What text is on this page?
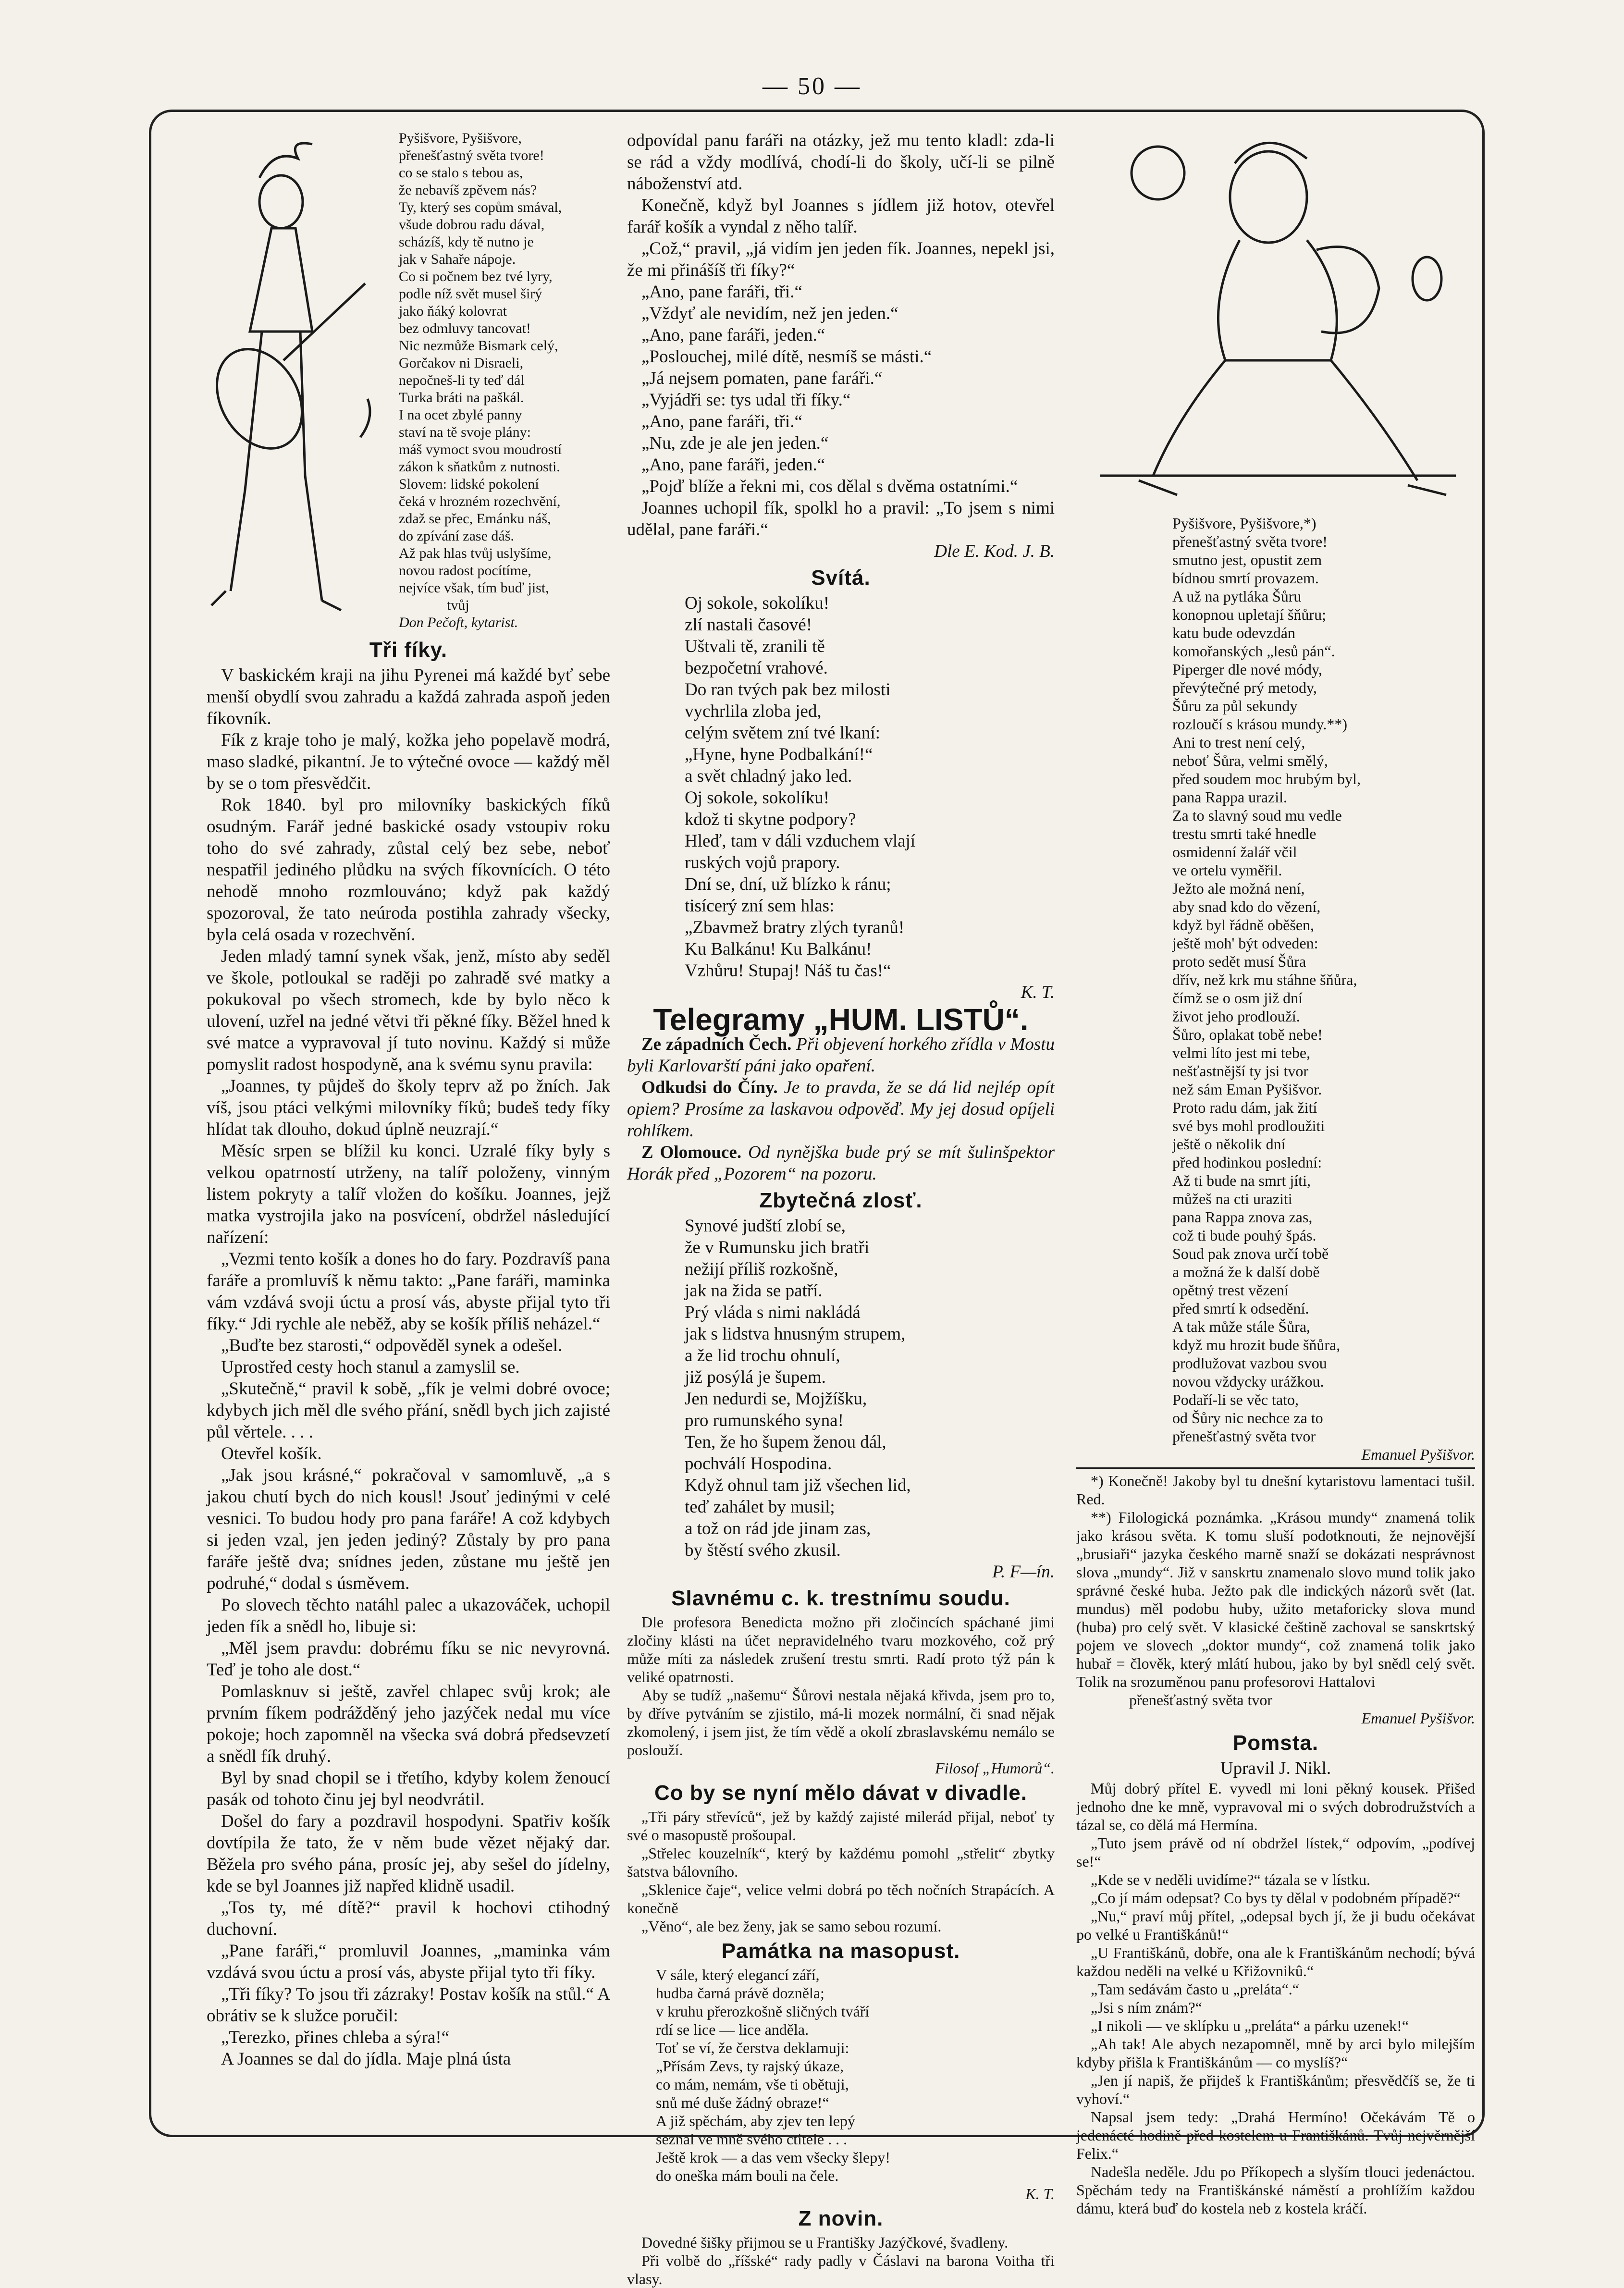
— 50 —

Pyšišvore, Pyšišvore,

přenešťastný světa tvore!

co se stalo s tebou as,

že nebavíš zpěvem nás?

Ty, který ses copům smával,

všude dobrou radu dával,

scházíš, kdy tě nutno je

jak v Sahaře nápoje.

Co si počnem bez tvé lyry,

podle níž svět musel širý

jako ňáký kolovrat

bez odmluvy tancovat!

Nic nezmůže Bismark celý,

Gorčakov ni Disraeli,

nepočneš-li ty teď dál

Turka bráti na paškál.

I na ocet zbylé panny

staví na tě svoje plány:

máš vymoct svou moudrostí

zákon k sňatkům z nutnosti.

Slovem: lidské pokolení

čeká v hrozném rozechvění,

zdaž se přec, Emánku náš,

do zpívání zase dáš.

Až pak hlas tvůj uslyšíme,

novou radost pocítíme,

nejvíce však, tím buď jist,

tvůj

Don Pečoft, kytarist.

Tři fíky.

V baskickém kraji na jihu Pyrenei má každé byť sebe menší obydlí svou zahradu a každá zahrada aspoň jeden fíkovník.

Fík z kraje toho je malý, kožka jeho popelavě modrá, maso sladké, pikantní. Je to výtečné ovoce — každý měl by se o tom přesvědčit.

Rok 1840. byl pro milovníky baskických fíků osudným. Farář jedné baskické osady vstoupiv roku toho do své zahrady, zůstal celý bez sebe, neboť nespatřil jediného plůdku na svých fíkovnících. O této nehodě mnoho rozmlouváno; když pak každý spozoroval, že tato neúroda postihla zahrady všecky, byla celá osada v rozechvění.

Jeden mladý tamní synek však, jenž, místo aby seděl ve škole, potloukal se raději po zahradě své matky a pokukoval po všech stromech, kde by bylo něco k ulovení, uzřel na jedné větvi tři pěkné fíky. Běžel hned k své matce a vypravoval jí tuto novinu. Každý si může pomyslit radost hospodyně, ana k svému synu pravila:

„Joannes, ty půjdeš do školy teprv až po žních. Jak víš, jsou ptáci velkými milovníky fíků; budeš tedy fíky hlídat tak dlouho, dokud úplně neuzrají.“

Měsíc srpen se blížil ku konci. Uzralé fíky byly s velkou opatrností utrženy, na talíř položeny, vinným listem pokryty a talíř vložen do košíku. Joannes, jejž matka vystrojila jako na posvícení, obdržel následující nařízení:

„Vezmi tento košík a dones ho do fary. Pozdravíš pana faráře a promluvíš k němu takto: „Pane faráři, maminka vám vzdává svoji úctu a prosí vás, abyste přijal tyto tři fíky.“ Jdi rychle ale neběž, aby se košík příliš neházel.“

„Buďte bez starosti,“ odpověděl synek a odešel.

Uprostřed cesty hoch stanul a zamyslil se.

„Skutečně,“ pravil k sobě, „fík je velmi dobré ovoce; kdybych jich měl dle svého přání, snědl bych jich zajisté půl věrtele. . . .

Otevřel košík.

„Jak jsou krásné,“ pokračoval v samomluvě, „a s jakou chutí bych do nich kousl! Jsouť jedinými v celé vesnici. To budou hody pro pana faráře! A což kdybych si jeden vzal, jen jeden jediný? Zůstaly by pro pana faráře ještě dva; snídnes jeden, zůstane mu ještě jen podruhé,“ dodal s úsměvem.

Po slovech těchto natáhl palec a ukazováček, uchopil jeden fík a snědl ho, libuje si:

„Měl jsem pravdu: dobrému fíku se nic nevyrovná. Teď je toho ale dost.“

Pomlasknuv si ještě, zavřel chlapec svůj krok; ale prvním fíkem podrážděný jeho jazýček nedal mu více pokoje; hoch zapomněl na všecka svá dobrá předsevzetí a snědl fík druhý.

Byl by snad chopil se i třetího, kdyby kolem ženoucí pasák od tohoto činu jej byl neodvrátil.

Došel do fary a pozdravil hospodyni. Spatřiv košík dovtípila že tato, že v něm bude vězet nějaký dar. Běžela pro svého pána, prosíc jej, aby sešel do jídelny, kde se byl Joannes již napřed klidně usadil.

„Tos ty, mé dítě?“ pravil k hochovi ctihodný duchovní.

„Pane faráři,“ promluvil Joannes, „maminka vám vzdává svou úctu a prosí vás, abyste přijal tyto tři fíky.

„Tři fíky? To jsou tři zázraky! Postav košík na stůl.“ A obrátiv se k služce poručil:

„Terezko, přines chleba a sýra!“

A Joannes se dal do jídla. Maje plná ústa

odpovídal panu faráři na otázky, jež mu tento kladl: zda-li se rád a vždy modlívá, chodí-li do školy, učí-li se pilně náboženství atd.

Konečně, když byl Joannes s jídlem již hotov, otevřel farář košík a vyndal z něho talíř.

„Což,“ pravil, „já vidím jen jeden fík. Joannes, nepekl jsi, že mi přinášíš tři fíky?“

„Ano, pane faráři, tři.“

„Vždyť ale nevidím, než jen jeden.“

„Ano, pane faráři, jeden.“

„Poslouchej, milé dítě, nesmíš se másti.“

„Já nejsem pomaten, pane faráři.“

„Vyjádři se: tys udal tři fíky.“

„Ano, pane faráři, tři.“

„Nu, zde je ale jen jeden.“

„Ano, pane faráři, jeden.“

„Pojď blíže a řekni mi, cos dělal s dvěma ostatními.“

Joannes uchopil fík, spolkl ho a pravil: „To jsem s nimi udělal, pane faráři.“

Dle E. Kod. J. B.

Svítá.

Oj sokole, sokolíku!

zlí nastali časové!

Uštvali tě, zranili tě

bezpočetní vrahové.

Do ran tvých pak bez milosti

vychrlila zloba jed,

celým světem zní tvé lkaní:

„Hyne, hyne Podbalkání!“

a svět chladný jako led.

Oj sokole, sokolíku!

kdož ti skytne podpory?

Hleď, tam v dáli vzduchem vlají

ruských vojů prapory.

Dní se, dní, už blízko k ránu;

tisícerý zní sem hlas:

„Zbavmež bratry zlých tyranů!

Ku Balkánu! Ku Balkánu!

Vzhůru! Stupaj! Náš tu čas!“

K. T.

Telegramy „HUM. LISTŮ“.

Ze západních Čech. Při objevení horkého zřídla v Mostu byli Karlovarští páni jako opaření.

Odkudsi do Číny. Je to pravda, že se dá lid nejlép opít opiem? Prosíme za laskavou odpověď. My jej dosud opíjeli rohlíkem.

Z Olomouce. Od nynějška bude prý se mít šulinšpektor Horák před „Pozorem“ na pozoru.

Zbytečná zlosť.

Synové judští zlobí se,

že v Rumunsku jich bratři

nežijí příliš rozkošně,

jak na žida se patří.

Prý vláda s nimi nakládá

jak s lidstva hnusným strupem,

a že lid trochu ohnulí,

již posýlá je šupem.

Jen nedurdi se, Mojžíšku,

pro rumunského syna!

Ten, že ho šupem ženou dál,

pochválí Hospodina.

Když ohnul tam již všechen lid,

teď zahálet by musil;

a tož on rád jde jinam zas,

by štěstí svého zkusil.

P. F—ín.

Slavnému c. k. trestnímu soudu.

Dle profesora Benedicta možno při zločincích spáchané jimi zločiny klásti na účet nepravidelného tvaru mozkového, což prý může míti za následek zrušení trestu smrti. Radí proto týž pán k veliké opatrnosti.

Aby se tudíž „našemu“ Šůrovi nestala nějaká křivda, jsem pro to, by dříve pytváním se zjistilo, má-li mozek normální, či snad nějak zkomolený, i jsem jist, že tím vědě a okolí zbraslavskému nemálo se poslouží.

Filosof „Humorů“.

Co by se nyní mělo dávat v divadle.

„Tři páry střevíců“, jež by každý zajisté milerád přijal, neboť ty své o masopustě prošoupal.

„Střelec kouzelník“, který by každému pomohl „střelit“ zbytky šatstva bálovního.

„Sklenice čaje“, velice velmi dobrá po těch nočních Strapácích. A konečně

„Věno“, ale bez ženy, jak se samo sebou rozumí.

Památka na masopust.

V sále, který elegancí září,

hudba čarná právě dozněla;

v kruhu přerozkošně sličných tváří

rdí se lice — lice anděla.

Toť se ví, že čerstva deklamuji:

„Přísám Zevs, ty rajský úkaze,

co mám, nemám, vše ti obětuji,

snů mé duše žádný obraze!“

A již spěchám, aby zjev ten lepý

seznal ve mně svého ctitele . . .

Ještě krok — a das vem všecky šlepy!

do oneška mám bouli na čele.

K. T.

Z novin.

Dovedné šišky přijmou se u Františky Jazýčkové, švadleny.

Při volbě do „říšské“ rady padly v Čáslavi na barona Voitha tři vlasy.

Pyšišvore, Pyšišvore,*)

přenešťastný světa tvore!

smutno jest, opustit zem

bídnou smrtí provazem.

A už na pytláka Šůru

konopnou upletají šňůru;

katu bude odevzdán

komořanských „lesů pán“.

Piperger dle nové módy,

převýtečné prý metody,

Šůru za půl sekundy

rozloučí s krásou mundy.**)

Ani to trest není celý,

neboť Šůra, velmi smělý,

před soudem moc hrubým byl,

pana Rappa urazil.

Za to slavný soud mu vedle

trestu smrti také hnedle

osmidenní žalář včil

ve ortelu vyměřil.

Ježto ale možná není,

aby snad kdo do vězení,

když byl řádně oběšen,

ještě moh' být odveden:

proto sedět musí Šůra

dřív, než krk mu stáhne šňůra,

čímž se o osm již dní

život jeho prodlouží.

Šůro, oplakat tobě nebe!

velmi líto jest mi tebe,

nešťastnější ty jsi tvor

než sám Eman Pyšišvor.

Proto radu dám, jak žití

své bys mohl prodloužiti

ještě o několik dní

před hodinkou poslední:

Až ti bude na smrt jíti,

můžeš na cti uraziti

pana Rappa znova zas,

což ti bude pouhý špás.

Soud pak znova určí tobě

a možná že k další době

opětný trest vězení

před smrtí k odsedění.

A tak může stále Šůra,

když mu hrozit bude šňůra,

prodlužovat vazbou svou

novou vždycky urážkou.

Podaří-li se věc tato,

od Šůry nic nechce za to

přenešťastný světa tvor

Emanuel Pyšišvor.

*) Konečně! Jakoby byl tu dnešní kytaristovu lamentaci tušil. Red.

**) Filologická poznámka. „Krásou mundy“ znamená tolik jako krásou světa. K tomu sluší podotknouti, že nejnovější „brusiaři“ jazyka českého marně snaží se dokázati nesprávnost slova „mundy“. Již v sanskrtu znamenalo slovo mund tolik jako správné české huba. Ježto pak dle indických názorů svět (lat. mundus) měl podobu huby, užito metaforicky slova mund (huba) pro celý svět. V klasické češtině zachoval se sanskrtský pojem ve slovech „doktor mundy“, což znamená tolik jako hubař = člověk, který mlátí hubou, jako by byl snědl celý svět. Tolik na srozuměnou panu profesorovi Hattalovi

přenešťastný světa tvor

Emanuel Pyšišvor.

Pomsta.

Upravil J. Nikl.

Můj dobrý přítel E. vyvedl mi loni pěkný kousek. Přišed jednoho dne ke mně, vypravoval mi o svých dobrodružstvích a tázal se, co dělá má Hermína.

„Tuto jsem právě od ní obdržel lístek,“ odpovím, „podívej se!“

„Kde se v neděli uvidíme?“ tázala se v lístku.

„Co jí mám odepsat? Co bys ty dělal v podobném případě?“

„Nu,“ praví můj přítel, „odepsal bych jí, že ji budu očekávat po velké u Františkánů!“

„U Františkánů, dobře, ona ale k Františkánům nechodí; bývá každou neděli na velké u Křižovnikû.“

„Tam sedávám často u „preláta“.“

„Jsi s ním znám?“

„I nikoli — ve sklípku u „preláta“ a párku uzenek!“

„Ah tak! Ale abych nezapomněl, mně by arci bylo milejším kdyby přišla k Františkánům — co myslíš?“

„Jen jí napiš, že přijdeš k Františkánům; přesvědčíš se, že ti vyhoví.“

Napsal jsem tedy: „Drahá Hermíno! Očekávám Tě o jedenácté hodině před kostelem u Františkánů. Tvůj nejvěrnější Felix.“

Nadešla neděle. Jdu po Příkopech a slyším tlouci jedenáctou. Spěchám tedy na Františkánské náměstí a prohlížím každou dámu, která buď do kostela neb z kostela kráčí.
